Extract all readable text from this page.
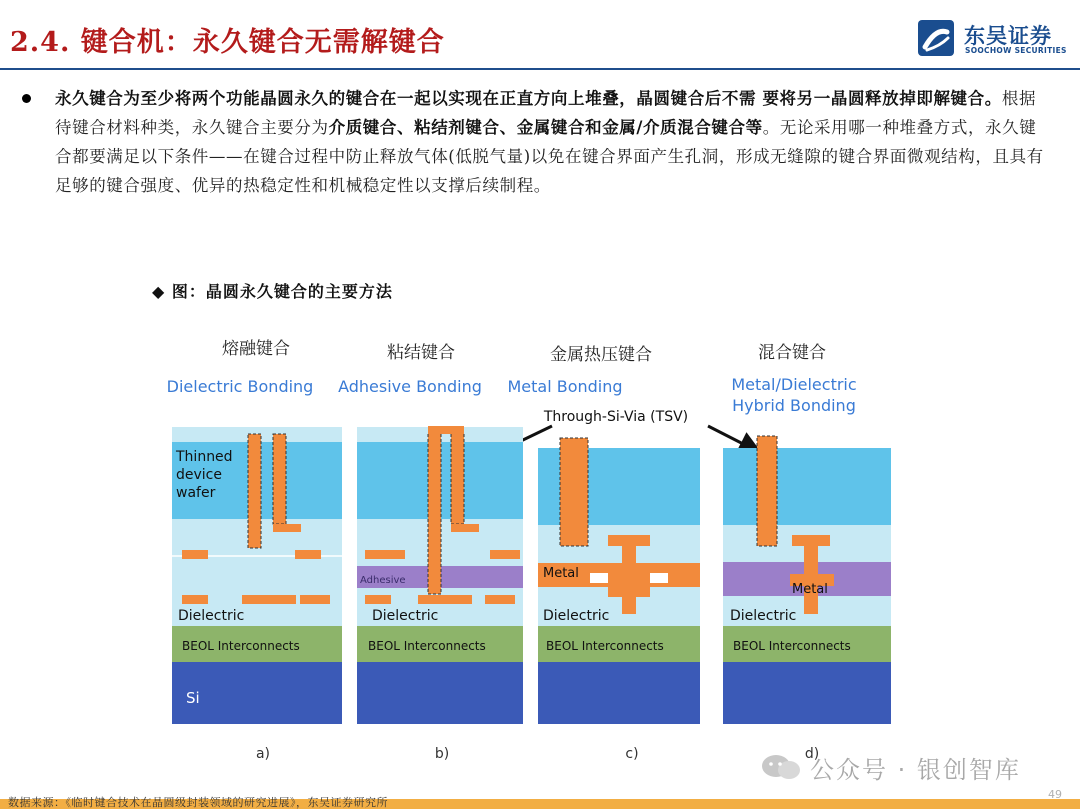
2.4. 键合机：永久键合无需解键合	东吴证券
SOOCHOW SECURITIES
永久键合为至少将两个功能晶圆永久的键合在一起以实现在正直方向上堆叠，晶圆键合后不需 要将另一晶圆释放掉即解键合。根据待键合材料种类，永久键合主要分为介质键合、粘结剂键合、金属键合和金属/介质混合键合等。无论采用哪一种堆叠方式，永久键合都要满足以下条件——在键合过程中防止释放气体(低脱气量)以免在键合界面产生孔洞，形成无缝隙的键合界面微观结构，且具有足够的键合强度、优异的热稳定性和机械稳定性以支撑后续制程。
◆ 图：晶圆永久键合的主要方法
熔融键合
Dielectric Bonding
粘结键合
Adhesive Bonding
金属热压键合
Metal Bonding
混合键合
Metal/Dielectric
Hybrid Bonding
Through-Si-Via (TSV)
Thinned
device
wafer
Dielectric
BEOL Interconnects
Si
a)
Adhesive
Dielectric
BEOL Interconnects
b)
Metal
Dielectric
BEOL Interconnects
c)
Metal
Dielectric
BEOL Interconnects
d)
公众号 · 银创智库
数据来源：《临时键合技术在晶圆级封装领域的研究进展》，东吴证券研究所
49
